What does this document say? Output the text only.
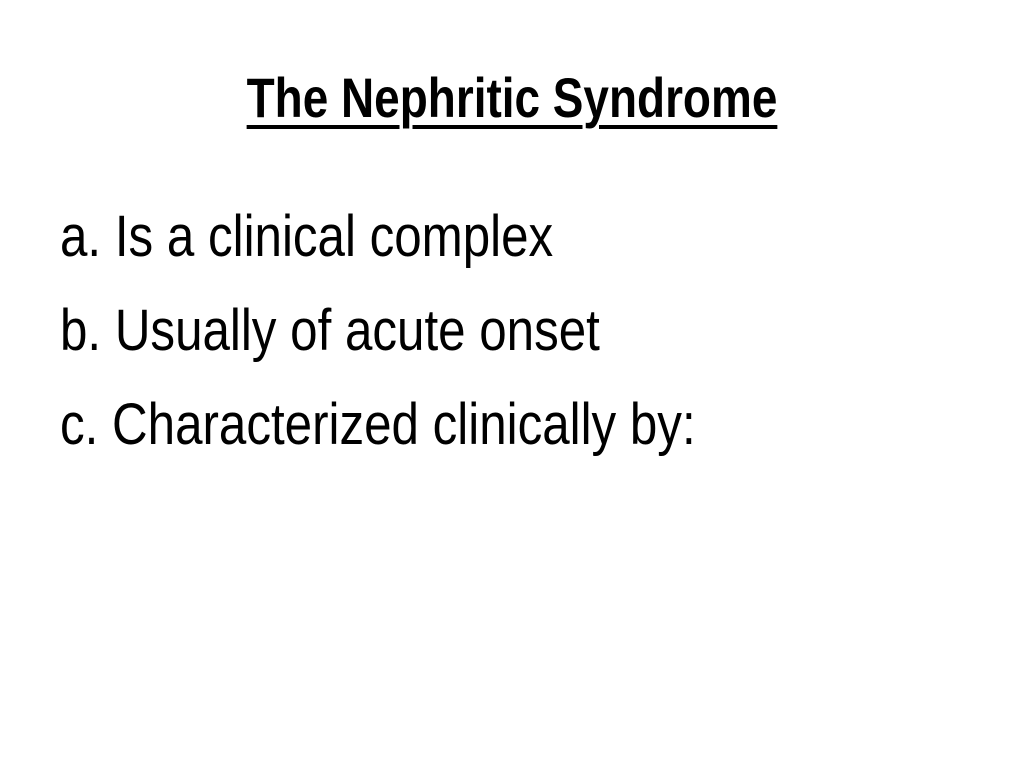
The Nephritic Syndrome
a. Is a clinical complex
b. Usually of acute onset
c. Characterized clinically by:
